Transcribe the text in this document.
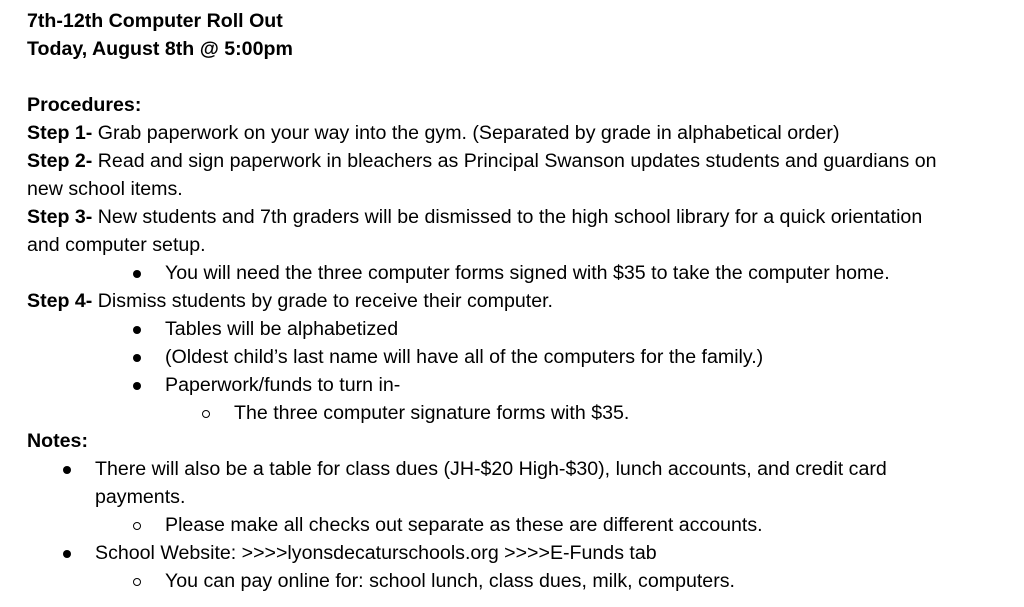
7th-12th Computer Roll Out
Today, August 8th @ 5:00pm
Procedures:
Step 1- Grab paperwork on your way into the gym. (Separated by grade in alphabetical order)
Step 2- Read and sign paperwork in bleachers as Principal Swanson updates students and guardians on
new school items.
Step 3- New students and 7th graders will be dismissed to the high school library for a quick orientation
and computer setup.
You will need the three computer forms signed with $35 to take the computer home.
Step 4- Dismiss students by grade to receive their computer.
Tables will be alphabetized
(Oldest child’s last name will have all of the computers for the family.)
Paperwork/funds to turn in-
The three computer signature forms with $35.
Notes:
There will also be a table for class dues (JH-$20 High-$30), lunch accounts, and credit card
payments.
Please make all checks out separate as these are different accounts.
School Website: >>>>lyonsdecaturschools.org >>>>E-Funds tab
You can pay online for: school lunch, class dues, milk, computers.
